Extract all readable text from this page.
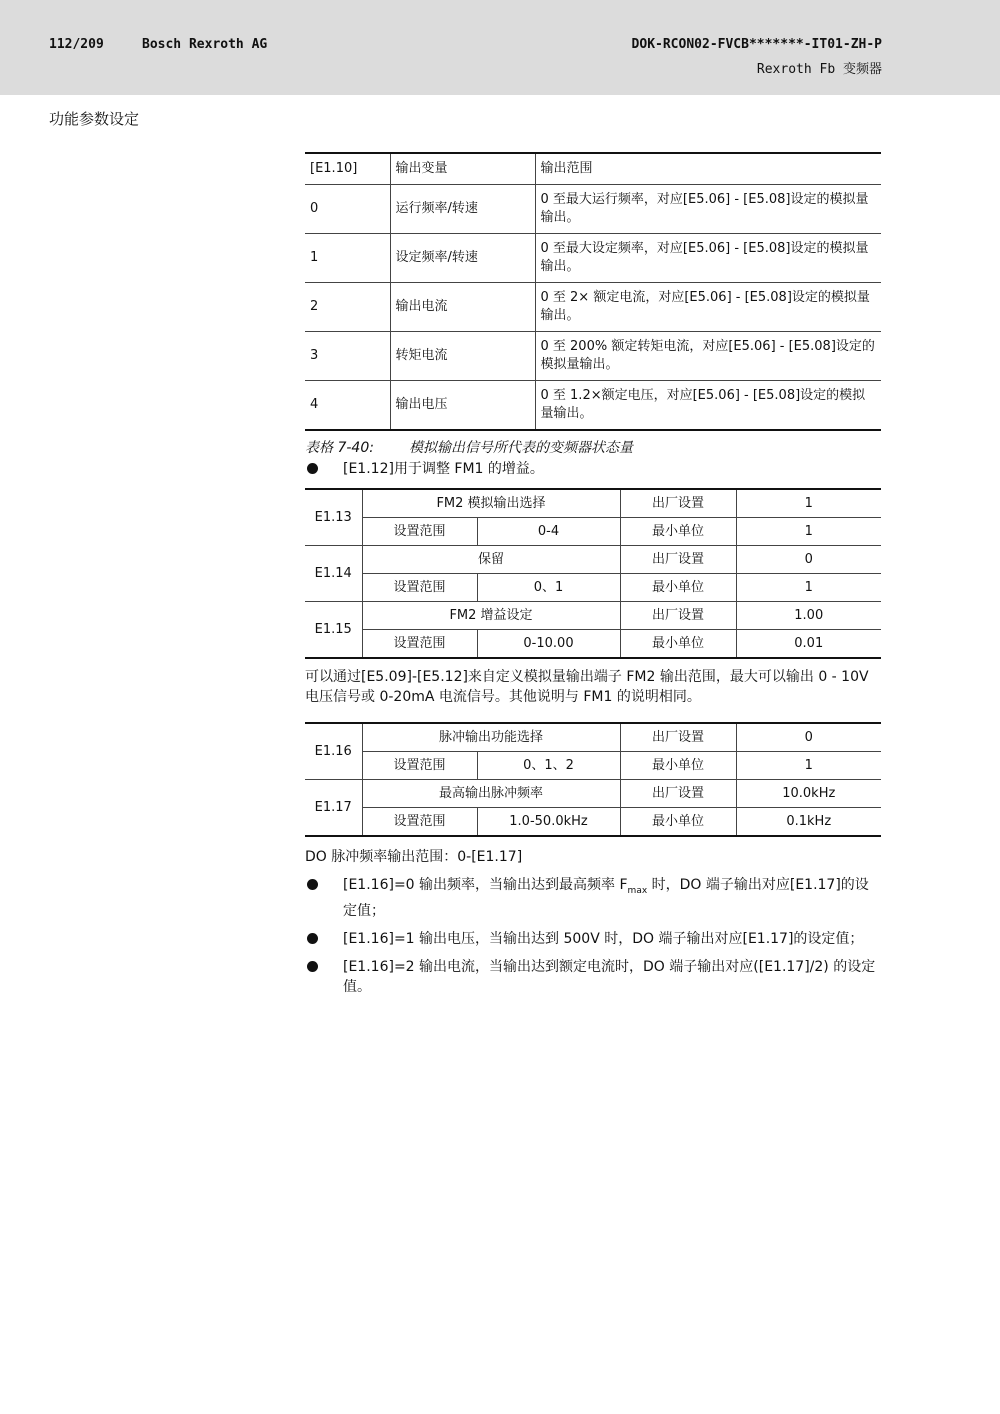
112/209	Bosch Rexroth AG	DOK-RCON02-FVCB*******-IT01-ZH-P
Rexroth Fb 变频器
功能参数设定
[E1.10]	输出变量	输出范围
0	运行频率/转速	0 至最大运行频率，对应[E5.06] - [E5.08]设定的模拟量输出。
1	设定频率/转速	0 至最大设定频率，对应[E5.06] - [E5.08]设定的模拟量输出。
2	输出电流	0 至 2× 额定电流，对应[E5.06] - [E5.08]设定的模拟量输出。
3	转矩电流	0 至 200% 额定转矩电流，对应[E5.06] - [E5.08]设定的模拟量输出。
4	输出电压	0 至 1.2×额定电压，对应[E5.06] - [E5.08]设定的模拟量输出。
表格 7-40:	模拟输出信号所代表的变频器状态量

[E1.12]用于调整 FM1 的增益。

E1.13	FM2 模拟输出选择		出厂设置	1
	设置范围	0-4	最小单位	1
E1.14	保留		出厂设置	0
	设置范围	0、1	最小单位	1
E1.15	FM2 增益设定		出厂设置	1.00
	设置范围	0-10.00	最小单位	0.01

可以通过[E5.09]-[E5.12]来自定义模拟量输出端子 FM2 输出范围，最大可以输出 0 - 10V 电压信号或 0-20mA 电流信号。其他说明与 FM1 的说明相同。

E1.16	脉冲输出功能选择		出厂设置	0
	设置范围	0、1、2	最小单位	1
E1.17	最高输出脉冲频率		出厂设置	10.0kHz
	设置范围	1.0-50.0kHz	最小单位	0.1kHz

DO 脉冲频率输出范围：0-[E1.17]

[E1.16]=0 输出频率，当输出达到最高频率 $F_{max}$ 时，DO 端子输出对应[E1.17]的设定值；

[E1.16]=1 输出电压，当输出达到 500V 时，DO 端子输出对应[E1.17]的设定值；

[E1.16]=2 输出电流，当输出达到额定电流时，DO 端子输出对应([E1.17]/2) 的设定值。
